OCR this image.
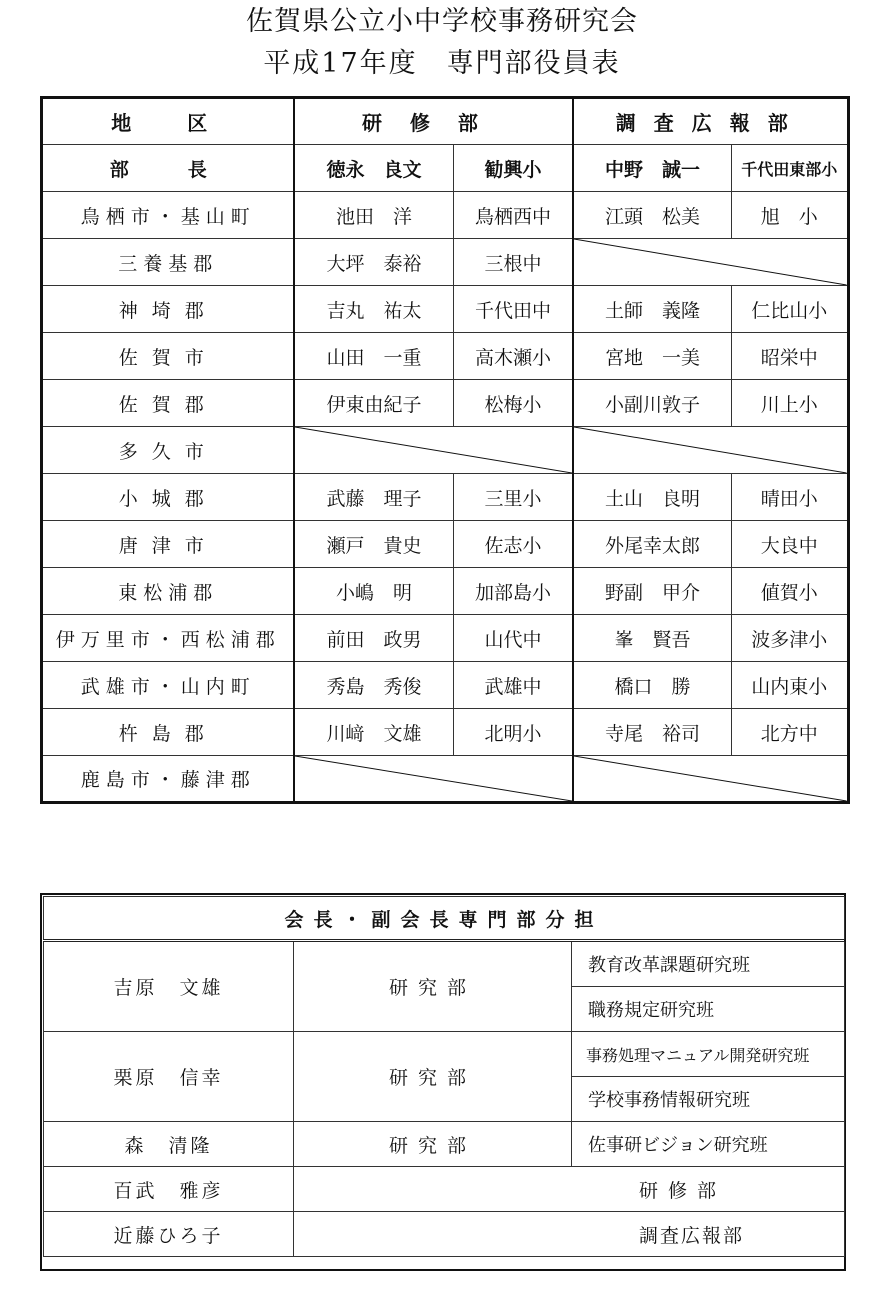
佐賀県公立小中学校事務研究会
平成17年度　専門部役員表
地　区	研修部		調査広報部	
部　長	徳永　良文	勧興小	中野　誠一	千代田東部小
鳥栖市・基山町	池田　洋	鳥栖西中	江頭　松美	旭　小
三養基郡	大坪　泰裕	三根中	

神埼郡	吉丸　祐太	千代田中	土師　義隆	仁比山小
佐賀市	山田　一重	高木瀬小	宮地　一美	昭栄中
佐賀郡	伊東由紀子	松梅小	小副川敦子	川上小
多久市	

小城郡	武藤　理子	三里小	土山　良明	晴田小
唐津市	瀬戸　貴史	佐志小	外尾幸太郎	大良中
東松浦郡	小嶋　明	加部島小	野副　甲介	値賀小
伊万里市・西松浦郡	前田　政男	山代中	峯　賢吾	波多津小
武雄市・山内町	秀島　秀俊	武雄中	橋口　勝	山内東小
杵島郡	川﨑　文雄	北明小	寺尾　裕司	北方中
鹿島市・藤津郡	

会長・副会長専門部分担		
吉原　文雄	研究部	教育改革課題研究班
		職務規定研究班
栗原　信幸	研究部	事務処理マニュアル開発研究班
		学校事務情報研究班
森　清隆	研究部	佐事研ビジョン研究班
百武　雅彦	研修部	
近藤ひろ子	調査広報部	
